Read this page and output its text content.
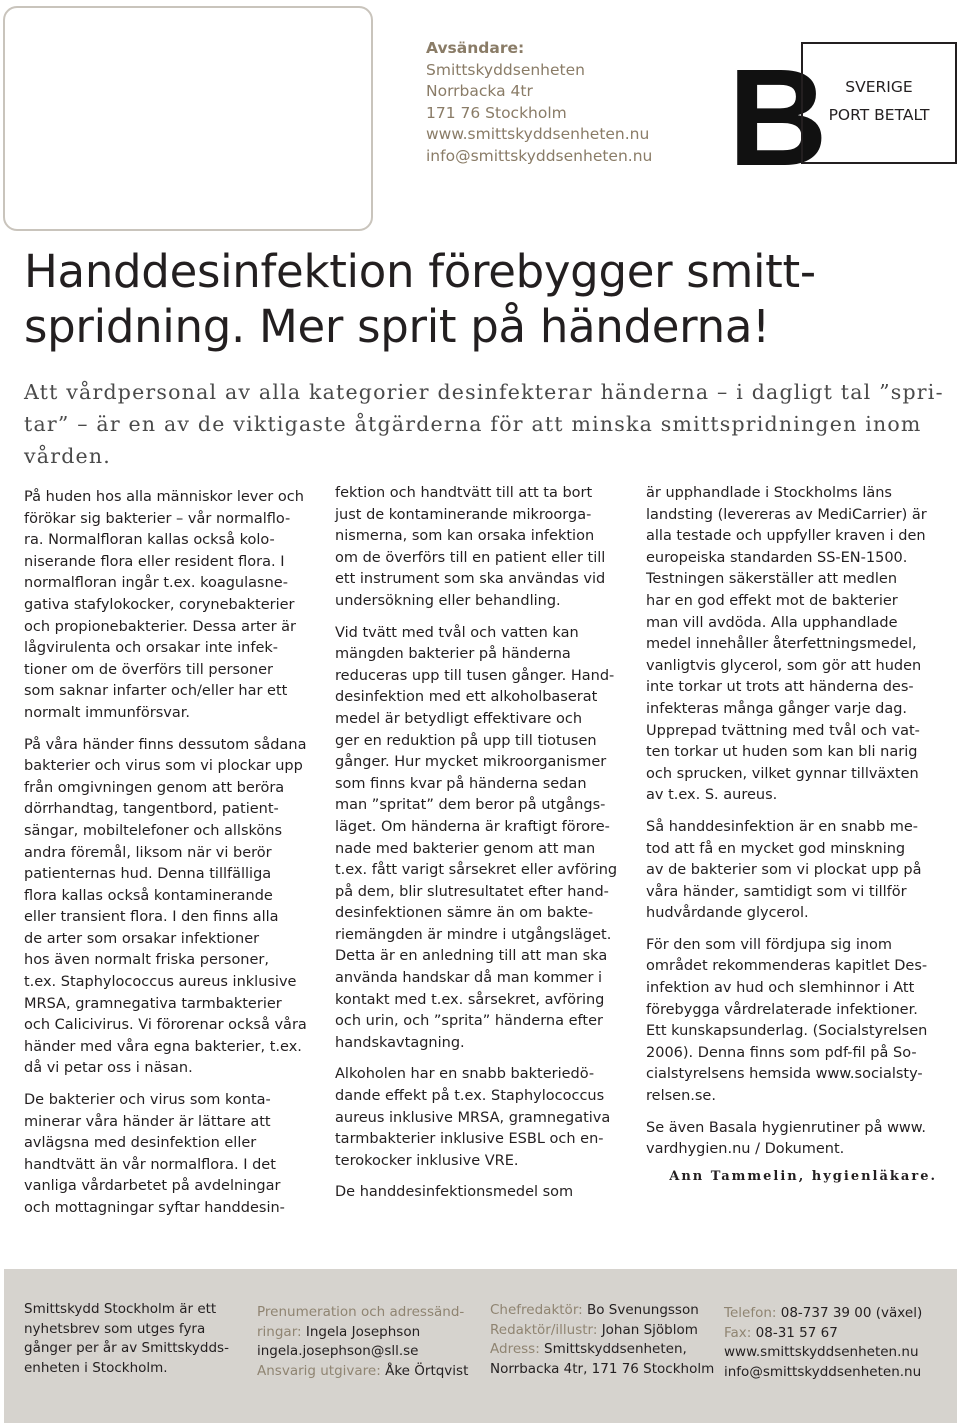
Avsändare:
Smittskyddsenheten
Norrbacka 4tr
171 76 Stockholm
www.smittskyddsenheten.nu
info@smittskyddsenheten.nu B	SVERIGE
PORT BETALT
Handdesinfektion förebygger smitt-
spridning. Mer sprit på händerna!
Att vårdpersonal av alla kategorier desinfekterar händerna – i dagligt tal ”spri-
tar” – är en av de viktigaste åtgärderna för att minska smittspridningen inom
vården.
På huden hos alla människor lever och
förökar sig bakterier – vår normalflo-
ra. Normalfloran kallas också kolo-
niserande flora eller resident flora. I
normalfloran ingår t.ex. koagulasne-
gativa stafylokocker, corynebakterier
och propionebakterier. Dessa arter är
lågvirulenta och orsakar inte infek-
tioner om de överförs till personer
som saknar infarter och/eller har ett
normalt immunförsvar.
På våra händer finns dessutom sådana
bakterier och virus som vi plockar upp
från omgivningen genom att beröra
dörrhandtag, tangentbord, patient-
sängar, mobiltelefoner och allsköns
andra föremål, liksom när vi berör
patienternas hud. Denna tillfälliga
flora kallas också kontaminerande
eller transient flora. I den finns alla
de arter som orsakar infektioner
hos även normalt friska personer,
t.ex. Staphylococcus aureus inklusive
MRSA, gramnegativa tarmbakterier
och Calicivirus. Vi förorenar också våra
händer med våra egna bakterier, t.ex.
då vi petar oss i näsan.
De bakterier och virus som konta-
minerar våra händer är lättare att
avlägsna med desinfektion eller
handtvätt än vår normalflora. I det
vanliga vårdarbetet på avdelningar
och mottagningar syftar handdesin-
fektion och handtvätt till att ta bort
just de kontaminerande mikroorga-
nismerna, som kan orsaka infektion
om de överförs till en patient eller till
ett instrument som ska användas vid
undersökning eller behandling.
Vid tvätt med tvål och vatten kan
mängden bakterier på händerna
reduceras upp till tusen gånger. Hand-
desinfektion med ett alkoholbaserat
medel är betydligt effektivare och
ger en reduktion på upp till tiotusen
gånger. Hur mycket mikroorganismer
som finns kvar på händerna sedan
man ”spritat” dem beror på utgångs-
läget. Om händerna är kraftigt förore-
nade med bakterier genom att man
t.ex. fått varigt sårsekret eller avföring
på dem, blir slutresultatet efter hand-
desinfektionen sämre än om bakte-
riemängden är mindre i utgångsläget.
Detta är en anledning till att man ska
använda handskar då man kommer i
kontakt med t.ex. sårsekret, avföring
och urin, och ”sprita” händerna efter
handskavtagning.
Alkoholen har en snabb bakteriedö-
dande effekt på t.ex. Staphylococcus
aureus inklusive MRSA, gramnegativa
tarmbakterier inklusive ESBL och en-
terokocker inklusive VRE.
De handdesinfektionsmedel som
är upphandlade i Stockholms läns
landsting (levereras av MediCarrier) är
alla testade och uppfyller kraven i den
europeiska standarden SS-EN-1500.
Testningen säkerställer att medlen
har en god effekt mot de bakterier
man vill avdöda. Alla upphandlade
medel innehåller återfettningsmedel,
vanligtvis glycerol, som gör att huden
inte torkar ut trots att händerna des-
infekteras många gånger varje dag.
Upprepad tvättning med tvål och vat-
ten torkar ut huden som kan bli narig
och sprucken, vilket gynnar tillväxten
av t.ex. S. aureus.
Så handdesinfektion är en snabb me-
tod att få en mycket god minskning
av de bakterier som vi plockat upp på
våra händer, samtidigt som vi tillför
hudvårdande glycerol.
För den som vill fördjupa sig inom
området rekommenderas kapitlet Des-
infektion av hud och slemhinnor i Att
förebygga vårdrelaterade infektioner.
Ett kunskapsunderlag. (Socialstyrelsen
2006). Denna finns som pdf-fil på So-
cialstyrelsens hemsida www.socialsty-
relsen.se.
Se även Basala hygienrutiner på www.
vardhygien.nu / Dokument.
Ann Tammelin, hygienläkare.
Smittskydd Stockholm är ett
nyhetsbrev som utges fyra
gånger per år av Smittskydds-
enheten i Stockholm.
Prenumeration och adressänd-
ringar: Ingela Josephson
ingela.josephson@sll.se
Ansvarig utgivare: Åke Örtqvist
Chefredaktör: Bo Svenungsson
Redaktör/illustr: Johan Sjöblom
Adress: Smittskyddsenheten,
Norrbacka 4tr, 171 76 Stockholm
Telefon: 08-737 39 00 (växel)
Fax: 08-31 57 67
www.smittskyddsenheten.nu
info@smittskyddsenheten.nu
